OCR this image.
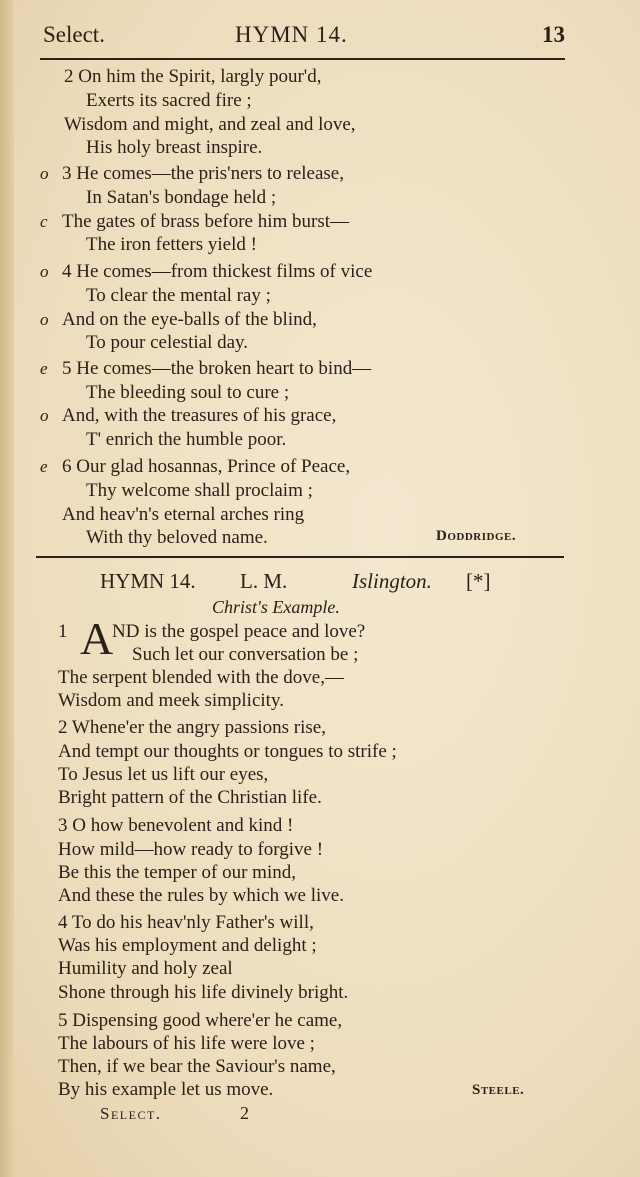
Select.	HYMN 14.	13
2 On him the Spirit, largly pour'd,
Exerts its sacred fire ;
Wisdom and might, and zeal and love,
His holy breast inspire.
o 3 He comes—the pris'ners to release,
In Satan's bondage held ;
c The gates of brass before him burst—
The iron fetters yield !
o 4 He comes—from thickest films of vice
To clear the mental ray ;
o And on the eye-balls of the blind,
To pour celestial day.
e 5 He comes—the broken heart to bind—
The bleeding soul to cure ;
o And, with the treasures of his grace,
T' enrich the humble poor.
e 6 Our glad hosannas, Prince of Peace,
Thy welcome shall proclaim ;
And heav'n's eternal arches ring
With thy beloved name.	Doddridge.
HYMN 14. L. M.	Islington. [*]
Christ's Example.
1 A
ND is the gospel peace and love?
Such let our conversation be ;
The serpent blended with the dove,—
Wisdom and meek simplicity.
2 Whene'er the angry passions rise,
And tempt our thoughts or tongues to strife ;
To Jesus let us lift our eyes,
Bright pattern of the Christian life.
3 O how benevolent and kind !
How mild—how ready to forgive !
Be this the temper of our mind,
And these the rules by which we live.
4 To do his heav'nly Father's will,
Was his employment and delight ;
Humility and holy zeal
Shone through his life divinely bright.
5 Dispensing good where'er he came,
The labours of his life were love ;
Then, if we bear the Saviour's name,
By his example let us move.	Steele.
Select.	2
